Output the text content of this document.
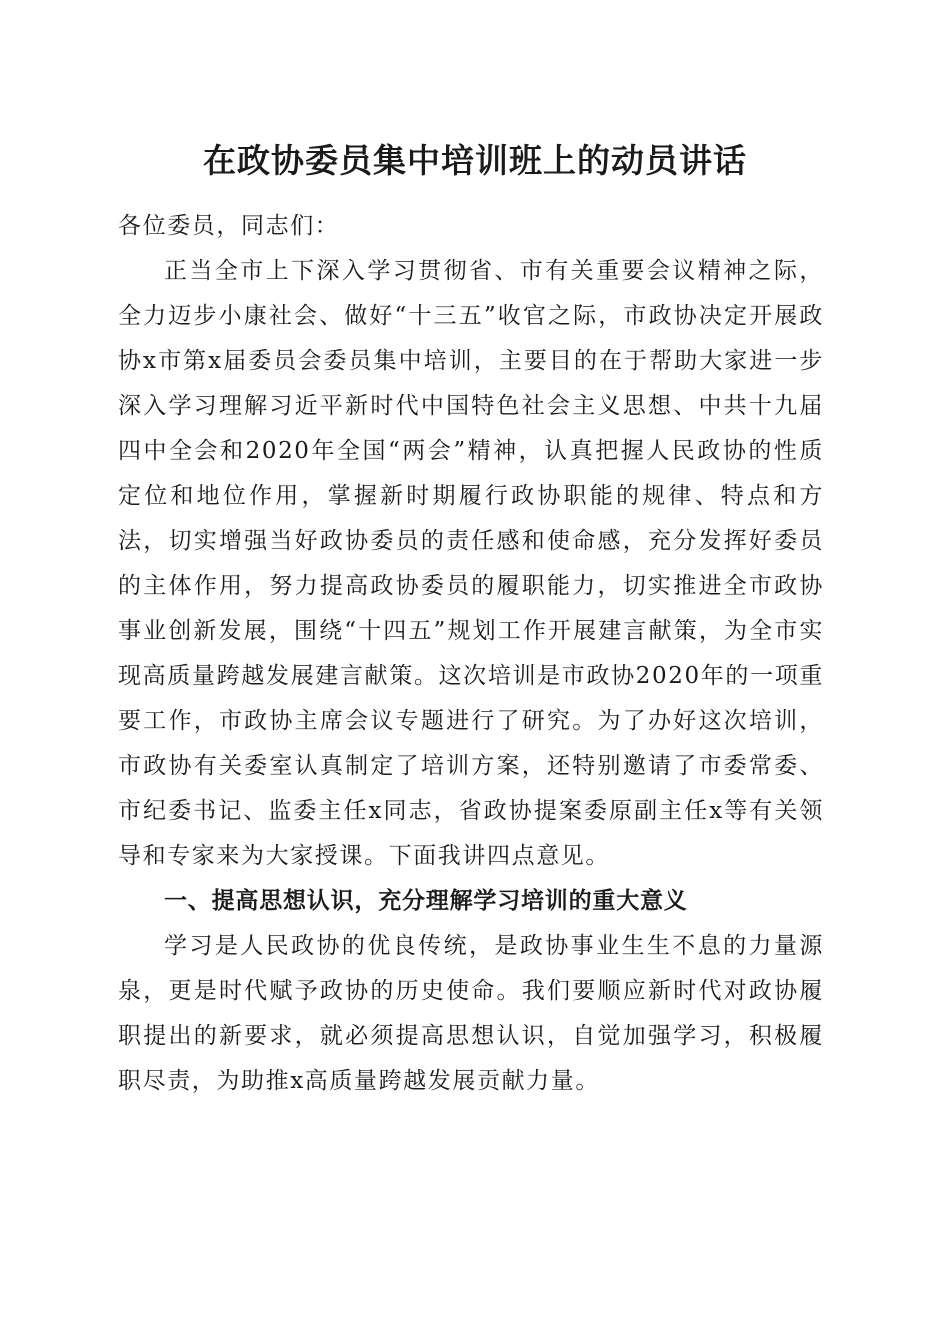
在政协委员集中培训班上的动员讲话

各位委员，同志们：

正当全市上下深入学习贯彻省、市有关重要会议精神之际，全力迈步小康社会、做好“十三五”收官之际，市政协决定开展政协x市第x届委员会委员集中培训，主要目的在于帮助大家进一步深入学习理解习近平新时代中国特色社会主义思想、中共十九届四中全会和2020年全国“两会”精神，认真把握人民政协的性质定位和地位作用，掌握新时期履行政协职能的规律、特点和方法，切实增强当好政协委员的责任感和使命感，充分发挥好委员的主体作用，努力提高政协委员的履职能力，切实推进全市政协事业创新发展，围绕“十四五”规划工作开展建言献策，为全市实现高质量跨越发展建言献策。这次培训是市政协2020年的一项重要工作，市政协主席会议专题进行了研究。为了办好这次培训，市政协有关委室认真制定了培训方案，还特别邀请了市委常委、市纪委书记、监委主任x同志，省政协提案委原副主任x等有关领导和专家来为大家授课。下面我讲四点意见。

一、提高思想认识，充分理解学习培训的重大意义

学习是人民政协的优良传统，是政协事业生生不息的力量源泉，更是时代赋予政协的历史使命。我们要顺应新时代对政协履职提出的新要求，就必须提高思想认识，自觉加强学习，积极履职尽责，为助推x高质量跨越发展贡献力量。
